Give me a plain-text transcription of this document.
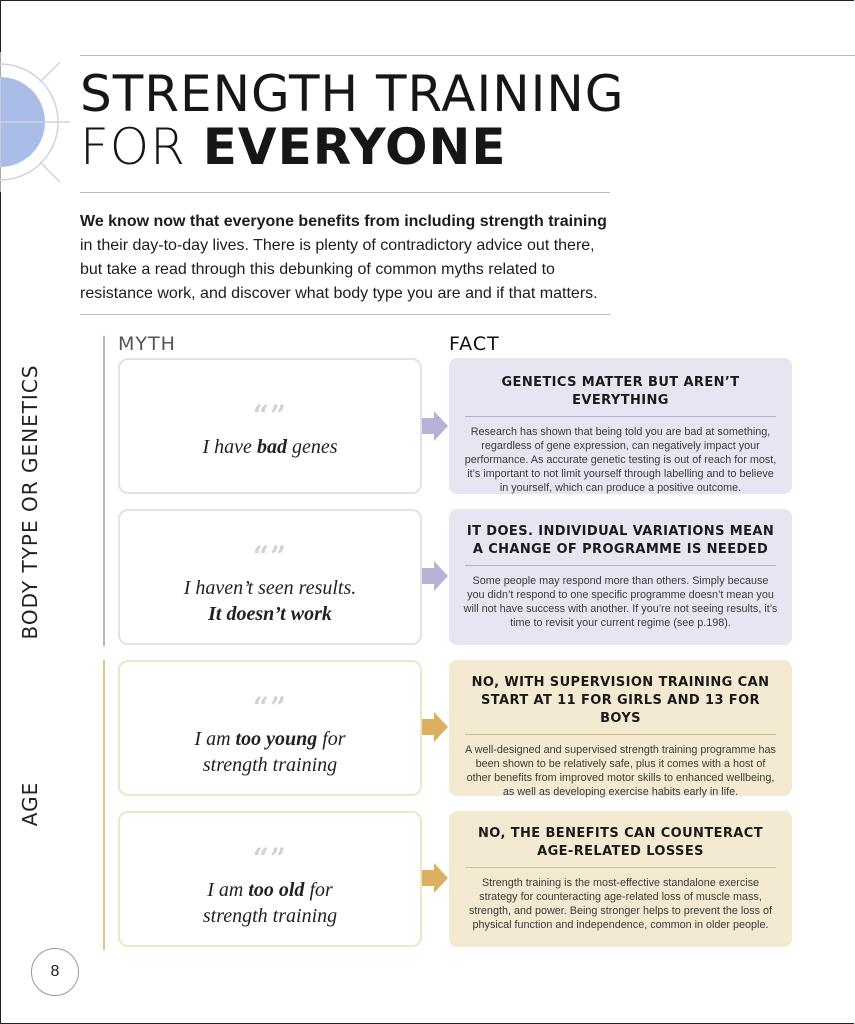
STRENGTH TRAINING
FOR EVERYONE

We know now that everyone benefits from including strength training in their day-to-day lives. There is plenty of contradictory advice out there, but take a read through this debunking of common myths related to resistance work, and discover what body type you are and if that matters.

MYTH	FACT
BODY TYPE OR GENETICS
AGE
“”
I have bad genes
GENETICS MATTER BUT AREN’T EVERYTHING
Research has shown that being told you are bad at something, regardless of gene expression, can negatively impact your performance. As accurate genetic testing is out of reach for most, it’s important to not limit yourself through labelling and to believe in yourself, which can produce a positive outcome.
“”
I haven’t seen results.
It doesn’t work
IT DOES. INDIVIDUAL VARIATIONS MEAN A CHANGE OF PROGRAMME IS NEEDED
Some people may respond more than others. Simply because you didn’t respond to one specific programme doesn’t mean you will not have success with another. If you’re not seeing results, it’s time to revisit your current regime (see p.198).
“”
I am too young for
strength training
NO, WITH SUPERVISION TRAINING CAN START AT 11 FOR GIRLS AND 13 FOR BOYS
A well-designed and supervised strength training programme has been shown to be relatively safe, plus it comes with a host of other benefits from improved motor skills to enhanced wellbeing, as well as developing exercise habits early in life.
“”
I am too old for
strength training
NO, THE BENEFITS CAN COUNTERACT AGE-RELATED LOSSES
Strength training is the most-effective standalone exercise strategy for counteracting age-related loss of muscle mass, strength, and power. Being stronger helps to prevent the loss of physical function and independence, common in older people.
8
